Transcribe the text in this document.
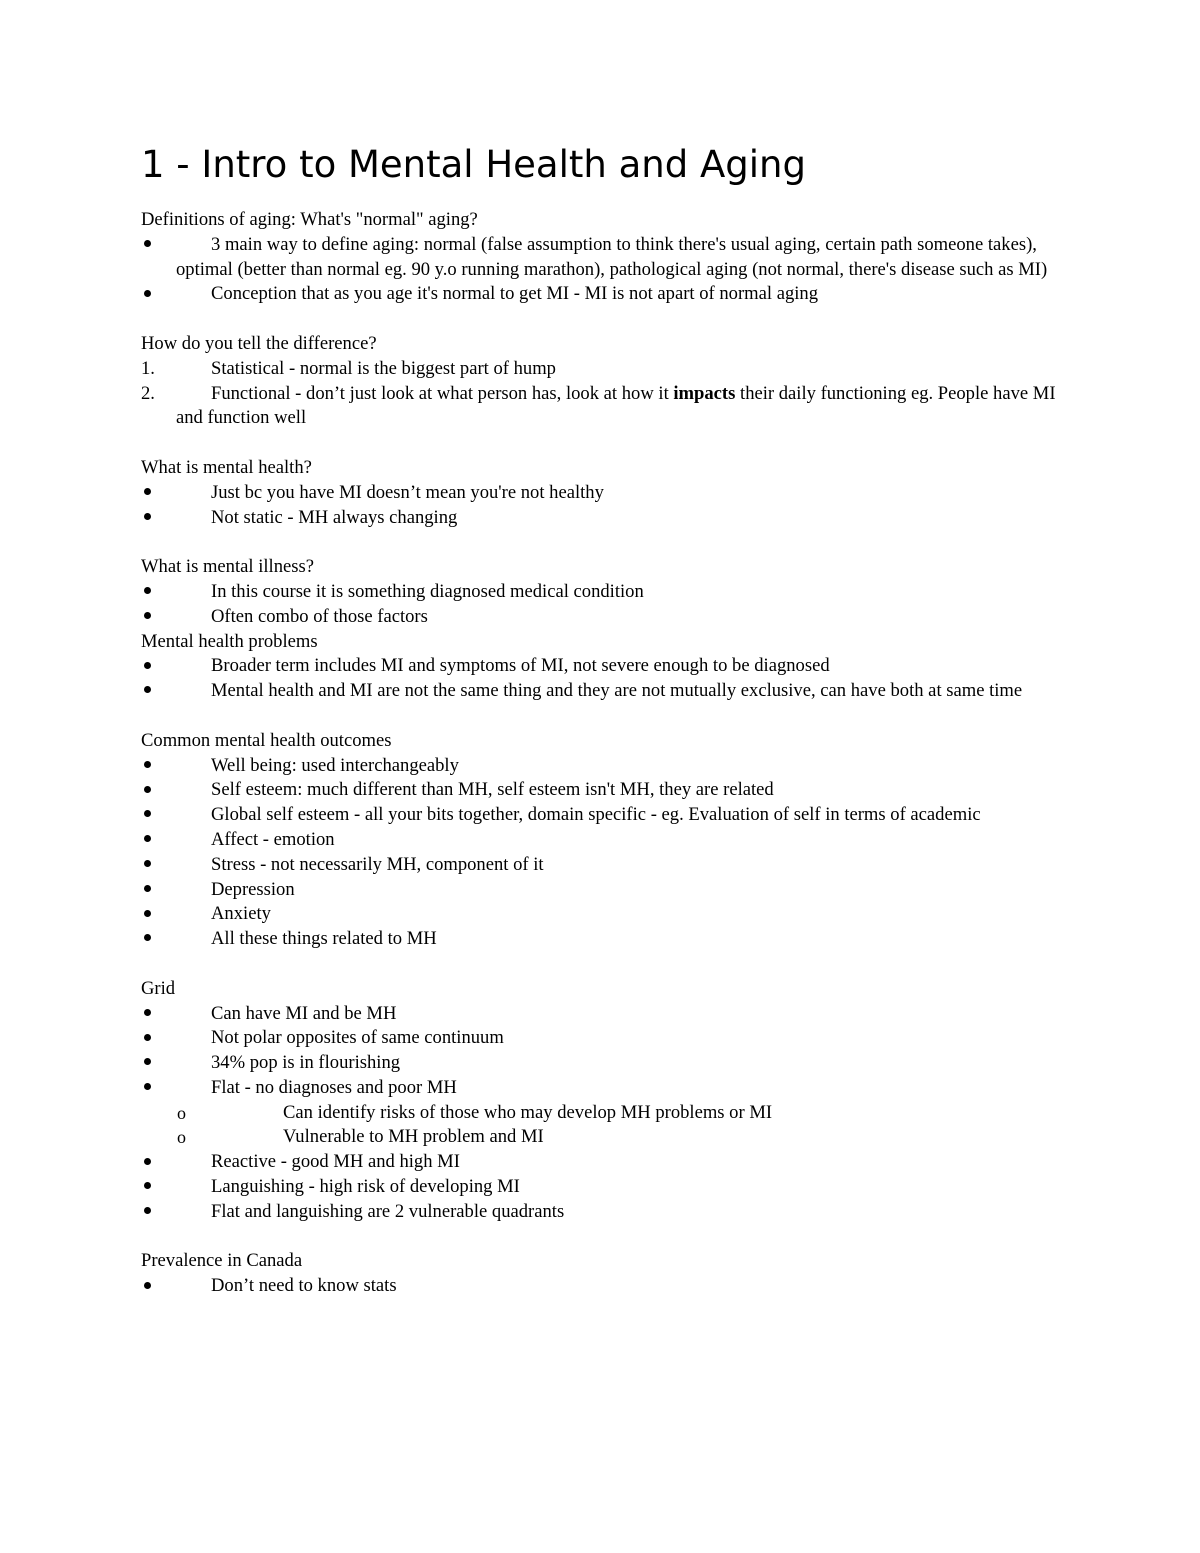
1 - Intro to Mental Health and Aging

Definitions of aging: What's "normal" aging?

3 main way to define aging: normal (false assumption to think there's usual aging, certain path someone takes), optimal (better than normal eg. 90 y.o running marathon), pathological aging (not normal, there's disease such as MI)
Conception that as you age it's normal to get MI - MI is not apart of normal aging

How do you tell the difference?

1.	Statistical - normal is the biggest part of hump
2.	Functional - don’t just look at what person has, look at how it impacts their daily functioning eg. People have MI and function well

What is mental health?

Just bc you have MI doesn’t mean you're not healthy
Not static - MH always changing

What is mental illness?

In this course it is something diagnosed medical condition
Often combo of those factors

Mental health problems

Broader term includes MI and symptoms of MI, not severe enough to be diagnosed
Mental health and MI are not the same thing and they are not mutually exclusive, can have both at same time

Common mental health outcomes

Well being: used interchangeably
Self esteem: much different than MH, self esteem isn't MH, they are related
Global self esteem - all your bits together, domain specific - eg. Evaluation of self in terms of academic
Affect - emotion
Stress - not necessarily MH, component of it
Depression
Anxiety
All these things related to MH

Grid

Can have MI and be MH
Not polar opposites of same continuum
34% pop is in flourishing
Flat - no diagnoses and poor MH
o	Can identify risks of those who may develop MH problems or MI
o	Vulnerable to MH problem and MI
Reactive - good MH and high MI
Languishing - high risk of developing MI
Flat and languishing are 2 vulnerable quadrants

Prevalence in Canada

Don’t need to know stats
